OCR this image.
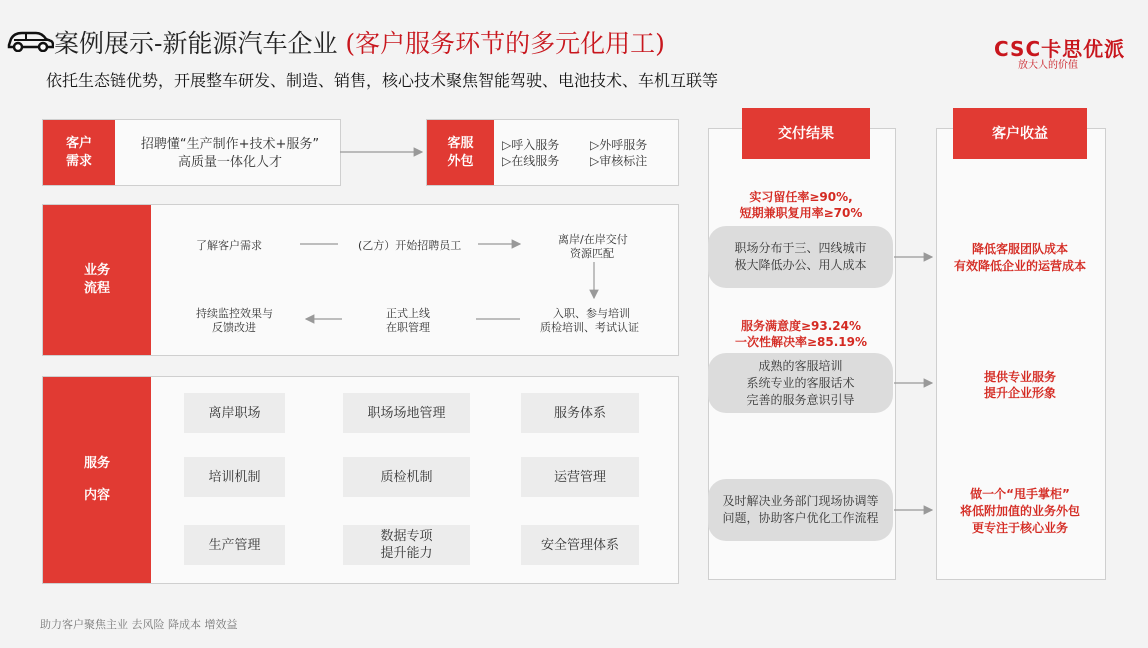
案例展示-新能源汽车企业 (客户服务环节的多元化用工)
依托生态链优势，开展整车研发、制造、销售，核心技术聚焦智能驾驶、电池技术、车机互联等
CSC卡思优派
放大人的价值
客户需求
招聘懂“生产制作+技术+服务”
高质量一体化人才
客服外包
▷呼入服务	▷外呼服务
▷在线服务	▷审核标注
业务流程
了解客户需求	(乙方）开始招聘员工	离岸/在岸交付
资源匹配
入职、参与培训
质检培训、考试认证
正式上线
在职管理
持续监控效果与
反馈改进
服务内容
离岸职场	职场场地管理	服务体系
培训机制	质检机制	运营管理
生产管理
数据专项
提升能力
安全管理体系
交付结果
实习留任率≥90%,
短期兼职复用率≥70%
职场分布于三、四线城市
极大降低办公、用人成本
服务满意度≥93.24%
一次性解决率≥85.19%
成熟的客服培训
系统专业的客服话术
完善的服务意识引导
及时解决业务部门现场协调等
问题，协助客户优化工作流程
客户收益
降低客服团队成本
有效降低企业的运营成本
提供专业服务
提升企业形象
做一个“甩手掌柜”
将低附加值的业务外包
更专注于核心业务
助力客户聚焦主业 去风险 降成本 增效益
